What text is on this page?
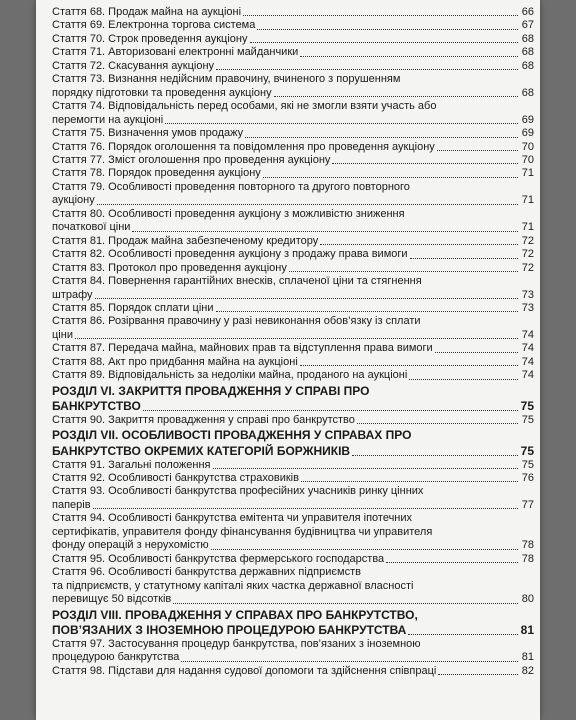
Стаття 68. Продаж майна на аукціоні	66
Стаття 69. Електронна торгова система	67
Стаття 70. Строк проведення аукціону	68
Стаття 71. Авторизовані електронні майданчики	68
Стаття 72. Скасування аукціону	68
Стаття 73. Визнання недійсним правочину, вчиненого з порушенням
порядку підготовки та проведення аукціону	68
Стаття 74. Відповідальність перед особами, які не змогли взяти участь або
перемогти на аукціоні	69
Стаття 75. Визначення умов продажу	69
Стаття 76. Порядок оголошення та повідомлення про проведення аукціону	70
Стаття 77. Зміст оголошення про проведення аукціону	70
Стаття 78. Порядок проведення аукціону	71
Стаття 79. Особливості проведення повторного та другого повторного
аукціону	71
Стаття 80. Особливості проведення аукціону з можливістю зниження
початкової ціни	71
Стаття 81. Продаж майна забезпеченому кредитору	72
Стаття 82. Особливості проведення аукціону з продажу права вимоги	72
Стаття 83. Протокол про проведення аукціону	72
Стаття 84. Повернення гарантійних внесків, сплаченої ціни та стягнення
штрафу	73
Стаття 85. Порядок сплати ціни	73
Стаття 86. Розірвання правочину у разі невиконання обов’язку із сплати
ціни	74
Стаття 87. Передача майна, майнових прав та відступлення права вимоги	74
Стаття 88. Акт про придбання майна на аукціоні	74
Стаття 89. Відповідальність за недоліки майна, проданого на аукціоні	74
РОЗДІЛ VI. ЗАКРИТТЯ ПРОВАДЖЕННЯ У СПРАВІ ПРО
БАНКРУТСТВО	75
Стаття 90. Закриття провадження у справі про банкрутство	75
РОЗДІЛ VII. ОСОБЛИВОСТІ ПРОВАДЖЕННЯ У СПРАВАХ ПРО
БАНКРУТСТВО ОКРЕМИХ КАТЕГОРІЙ БОРЖНИКІВ	75
Стаття 91. Загальні положення	75
Стаття 92. Особливості банкрутства страховиків	76
Стаття 93. Особливості банкрутства професійних учасників ринку цінних
паперів	77
Стаття 94. Особливості банкрутства емітента чи управителя іпотечних
сертифікатів, управителя фонду фінансування будівництва чи управителя
фонду операцій з нерухомістю	78
Стаття 95. Особливості банкрутства фермерського господарства	78
Стаття 96. Особливості банкрутства державних підприємств
та підприємств, у статутному капіталі яких частка державної власності
перевищує 50 відсотків	80
РОЗДІЛ VIII. ПРОВАДЖЕННЯ У СПРАВАХ ПРО БАНКРУТСТВО,
ПОВ’ЯЗАНИХ З ІНОЗЕМНОЮ ПРОЦЕДУРОЮ БАНКРУТСТВА	81
Стаття 97. Застосування процедур банкрутства, пов’язаних з іноземною
процедурою банкрутства	81
Стаття 98. Підстави для надання судової допомоги та здійснення співпраці	82
